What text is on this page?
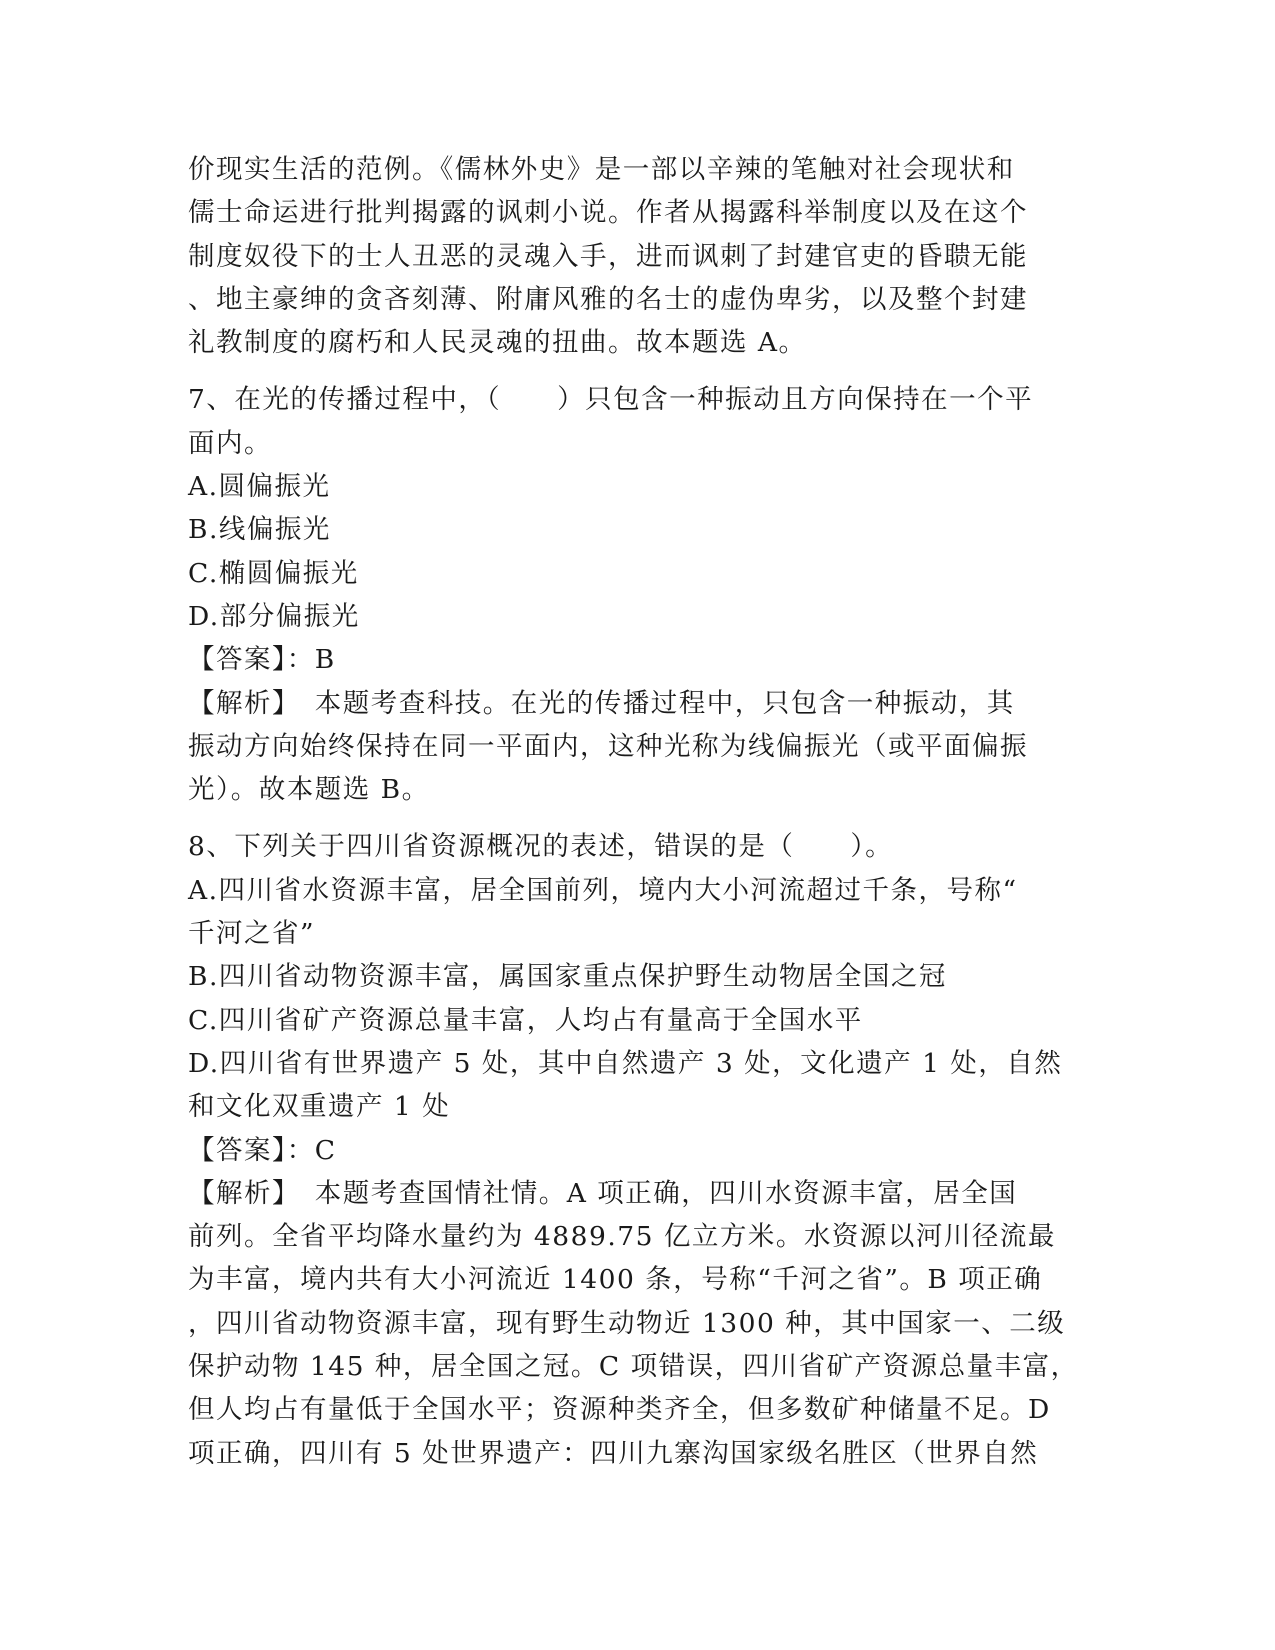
价现实生活的范例。《儒林外史》是一部以辛辣的笔触对社会现状和
儒士命运进行批判揭露的讽刺小说。作者从揭露科举制度以及在这个
制度奴役下的士人丑恶的灵魂入手，进而讽刺了封建官吏的昏聩无能
、地主豪绅的贪吝刻薄、附庸风雅的名士的虚伪卑劣，以及整个封建
礼教制度的腐朽和人民灵魂的扭曲。故本题选 A。
7、在光的传播过程中，（　　）只包含一种振动且方向保持在一个平
面内。
A.圆偏振光
B.线偏振光
C.椭圆偏振光
D.部分偏振光
【答案】：B
【解析】　本题考查科技。在光的传播过程中，只包含一种振动，其
振动方向始终保持在同一平面内，这种光称为线偏振光（或平面偏振
光）。故本题选 B。
8、下列关于四川省资源概况的表述，错误的是（　　）。
A.四川省水资源丰富，居全国前列，境内大小河流超过千条，号称“
千河之省”
B.四川省动物资源丰富，属国家重点保护野生动物居全国之冠
C.四川省矿产资源总量丰富，人均占有量高于全国水平
D.四川省有世界遗产 5 处，其中自然遗产 3 处，文化遗产 1 处，自然
和文化双重遗产 1 处
【答案】：C
【解析】　本题考查国情社情。A 项正确，四川水资源丰富，居全国
前列。全省平均降水量约为 4889.75 亿立方米。水资源以河川径流最
为丰富，境内共有大小河流近 1400 条，号称“千河之省”。B 项正确
，四川省动物资源丰富，现有野生动物近 1300 种，其中国家一、二级
保护动物 145 种，居全国之冠。C 项错误，四川省矿产资源总量丰富，
但人均占有量低于全国水平；资源种类齐全，但多数矿种储量不足。D
项正确，四川有 5 处世界遗产：四川九寨沟国家级名胜区（世界自然
